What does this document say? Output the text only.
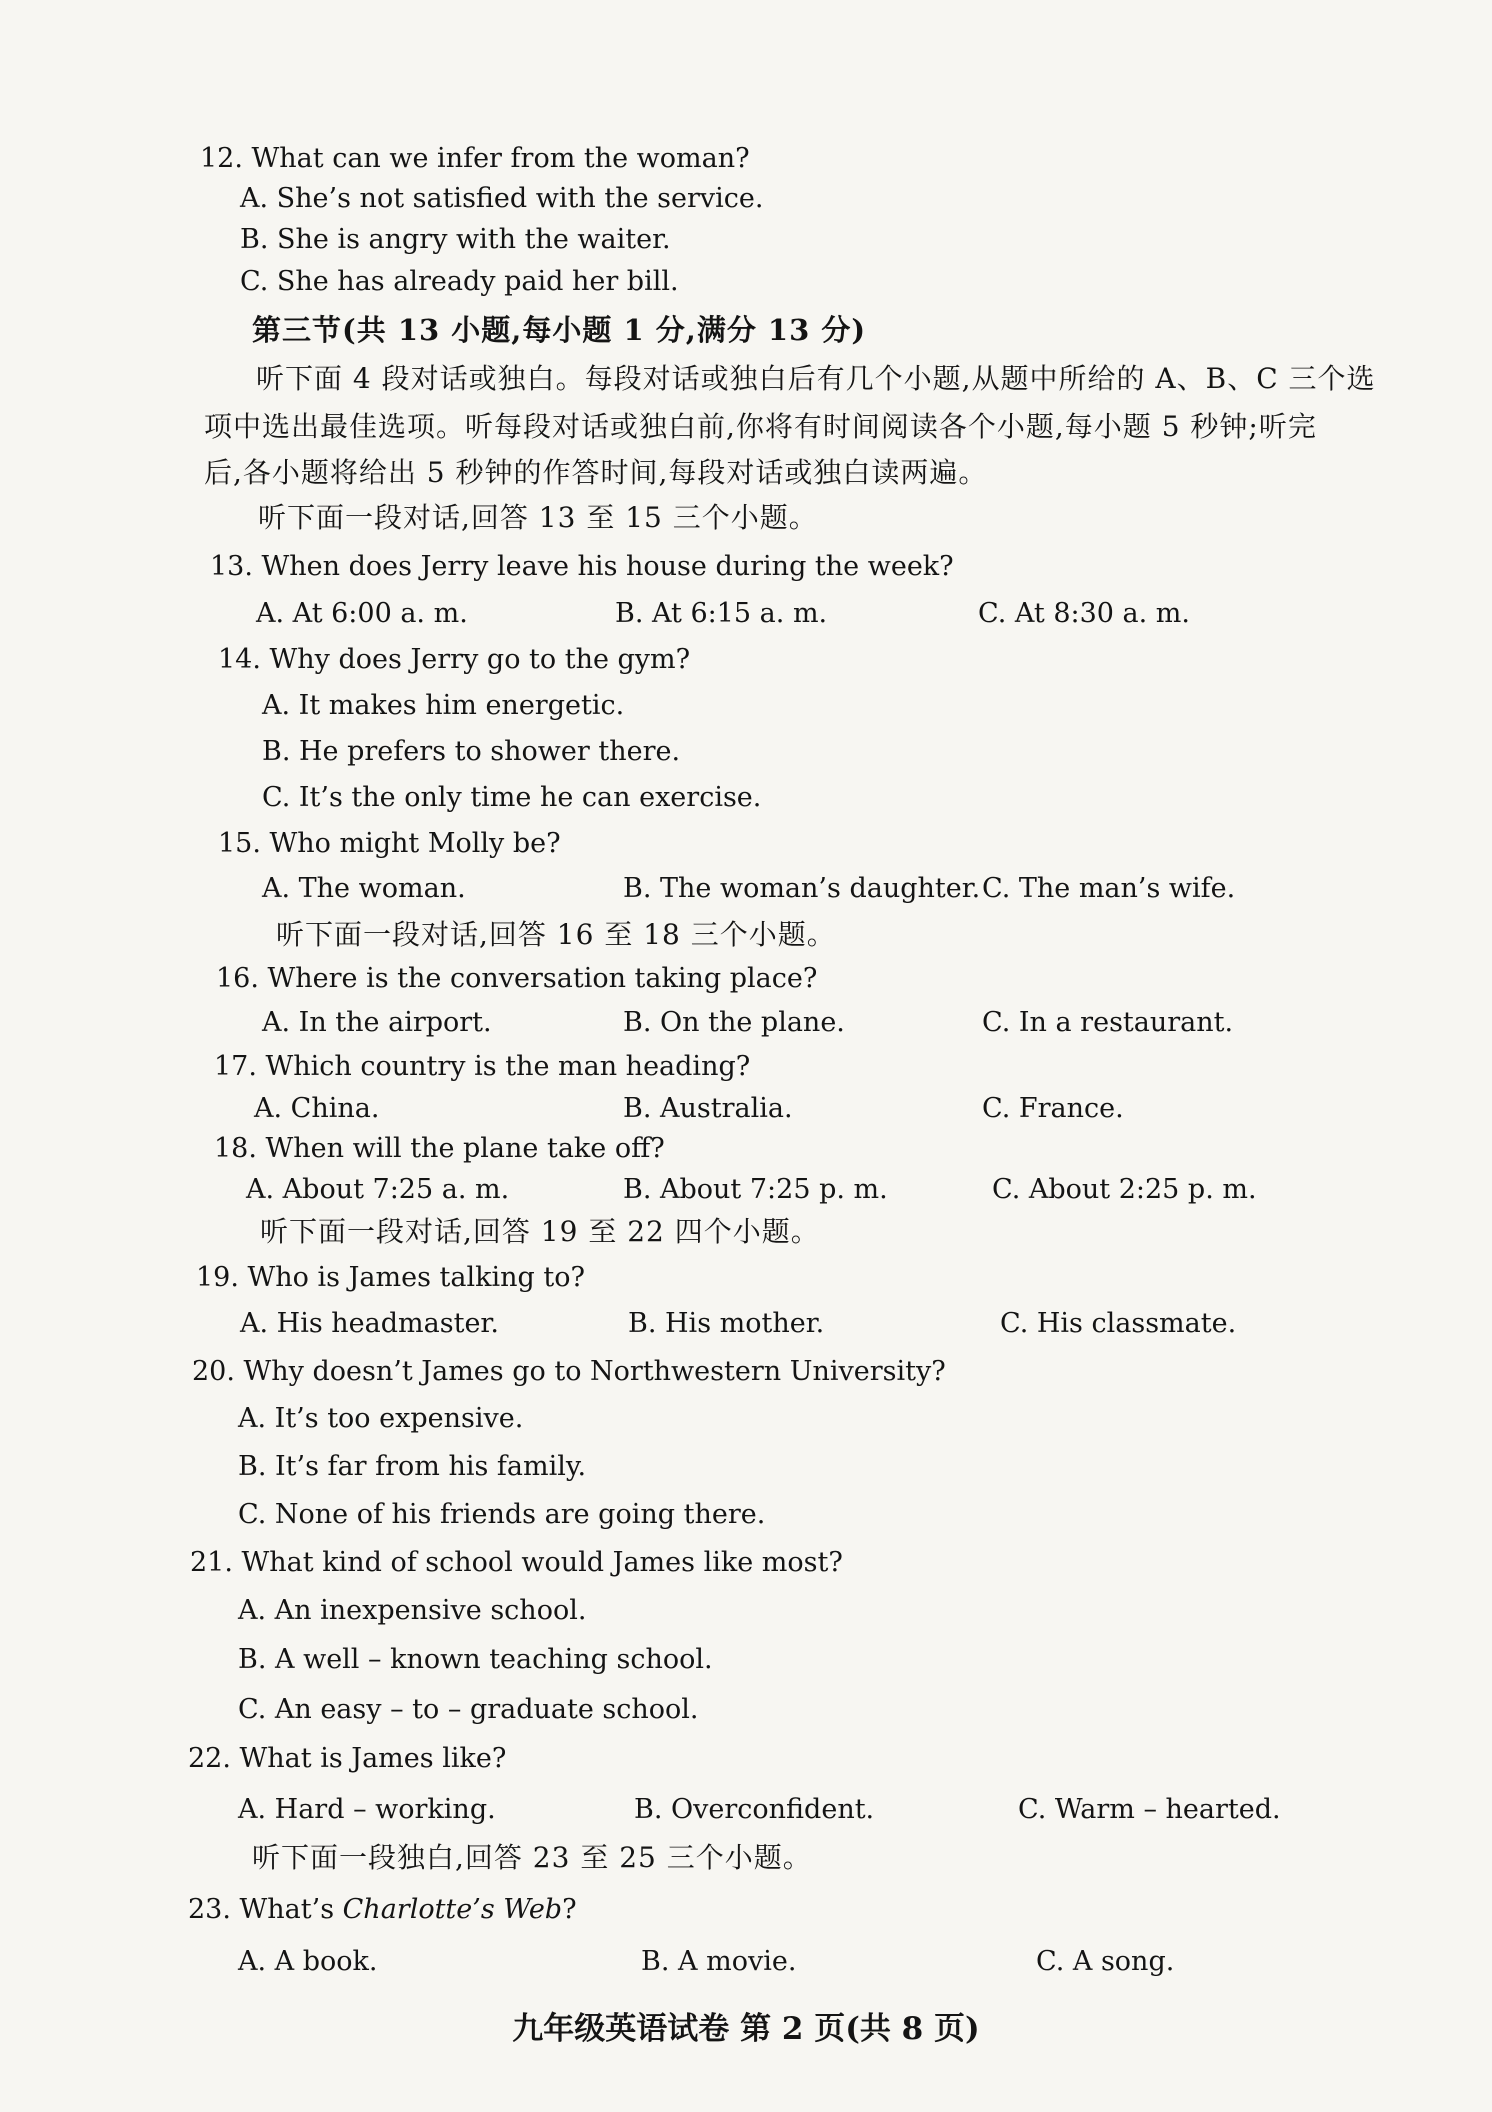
12. What can we infer from the woman?
A. She’s not satisfied with the service.
B. She is angry with the waiter.
C. She has already paid her bill.
第三节(共 13 小题,每小题 1 分,满分 13 分)
听下面 4 段对话或独白。每段对话或独白后有几个小题,从题中所给的 A、B、C 三个选
项中选出最佳选项。听每段对话或独白前,你将有时间阅读各个小题,每小题 5 秒钟;听完
后,各小题将给出 5 秒钟的作答时间,每段对话或独白读两遍。
听下面一段对话,回答 13 至 15 三个小题。
13. When does Jerry leave his house during the week?
A. At 6:00 a. m.	B. At 6:15 a. m.	C. At 8:30 a. m.
14. Why does Jerry go to the gym?
A. It makes him energetic.
B. He prefers to shower there.
C. It’s the only time he can exercise.
15. Who might Molly be?
A. The woman.	B. The woman’s daughter. C. The man’s wife.
听下面一段对话,回答 16 至 18 三个小题。
16. Where is the conversation taking place?
A. In the airport.	B. On the plane.	C. In a restaurant.
17. Which country is the man heading?
A. China.	B. Australia.	C. France.
18. When will the plane take off?
A. About 7:25 a. m.	B. About 7:25 p. m.	C. About 2:25 p. m.
听下面一段对话,回答 19 至 22 四个小题。
19. Who is James talking to?
A. His headmaster.	B. His mother.	C. His classmate.
20. Why doesn’t James go to Northwestern University?
A. It’s too expensive.
B. It’s far from his family.
C. None of his friends are going there.
21. What kind of school would James like most?
A. An inexpensive school.
B. A well – known teaching school.
C. An easy – to – graduate school.
22. What is James like?
A. Hard – working.	B. Overconfident.	C. Warm – hearted.
听下面一段独白,回答 23 至 25 三个小题。
23. What’s Charlotte’s Web?
A. A book.	B. A movie.	C. A song.
九年级英语试卷 第 2 页(共 8 页)
